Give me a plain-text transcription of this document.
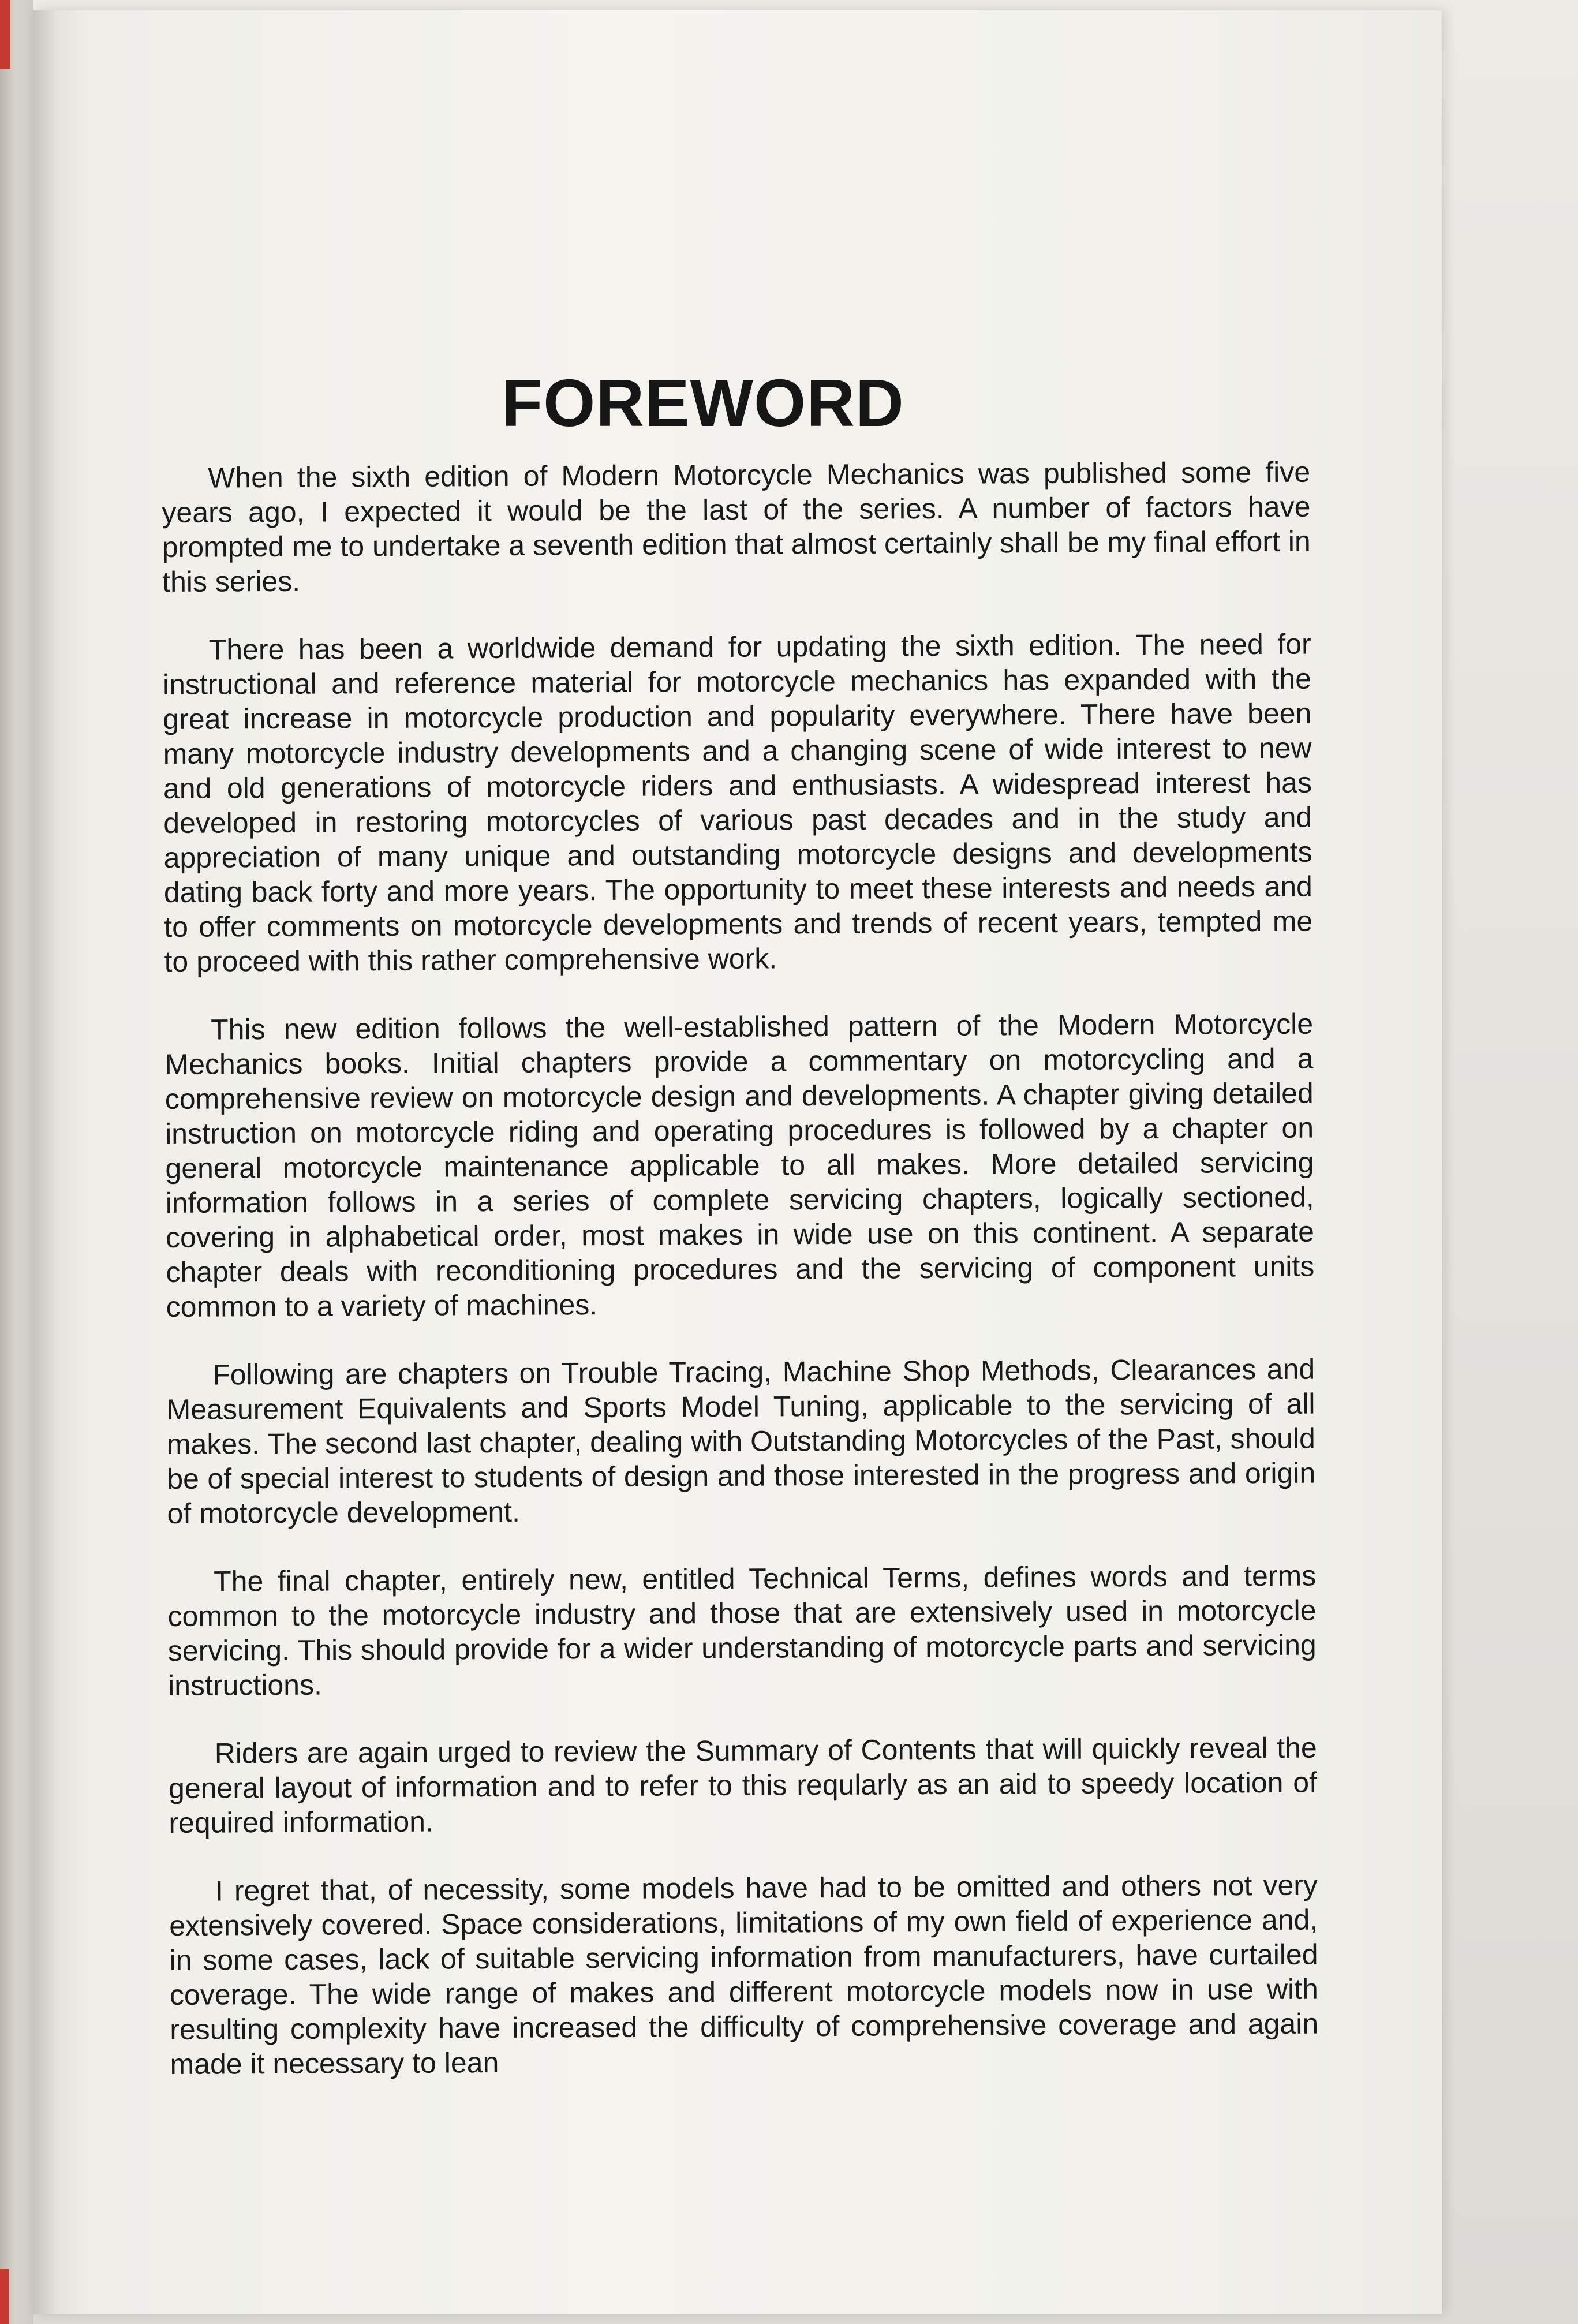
FOREWORD

When the sixth edition of Modern Motorcycle Mechanics was published some five years ago, I expected it would be the last of the series. A number of factors have prompted me to undertake a seventh edition that almost certainly shall be my final effort in this series.

There has been a worldwide demand for updating the sixth edition. The need for instructional and reference material for motorcycle mechanics has expanded with the great increase in motorcycle production and popularity everywhere. There have been many motorcycle industry developments and a changing scene of wide interest to new and old generations of motorcycle riders and enthusiasts. A widespread interest has developed in restoring motorcycles of various past decades and in the study and appreciation of many unique and outstanding motorcycle designs and developments dating back forty and more years. The opportunity to meet these interests and needs and to offer comments on motorcycle developments and trends of recent years, tempted me to proceed with this rather comprehensive work.

This new edition follows the well-established pattern of the Modern Motorcycle Mechanics books. Initial chapters provide a commentary on motorcycling and a comprehensive review on motorcycle design and developments. A chapter giving detailed instruction on motorcycle riding and operating procedures is followed by a chapter on general motorcycle maintenance applicable to all makes. More detailed servicing information follows in a series of complete servicing chapters, logically sectioned, covering in alphabetical order, most makes in wide use on this continent. A separate chapter deals with reconditioning procedures and the servicing of component units common to a variety of machines.

Following are chapters on Trouble Tracing, Machine Shop Methods, Clearances and Measurement Equivalents and Sports Model Tuning, applicable to the servicing of all makes. The second last chapter, dealing with Outstanding Motorcycles of the Past, should be of special interest to students of design and those interested in the progress and origin of motorcycle development.

The final chapter, entirely new, entitled Technical Terms, defines words and terms common to the motorcycle industry and those that are extensively used in motorcycle servicing. This should provide for a wider understanding of motorcycle parts and servicing instructions.

Riders are again urged to review the Summary of Contents that will quickly reveal the general layout of information and to refer to this reqularly as an aid to speedy location of required information.

I regret that, of necessity, some models have had to be omitted and others not very extensively covered. Space considerations, limitations of my own field of experience and, in some cases, lack of suitable servicing information from manufacturers, have curtailed coverage. The wide range of makes and different motorcycle models now in use with resulting complexity have increased the difficulty of comprehensive coverage and again made it necessary to lean
